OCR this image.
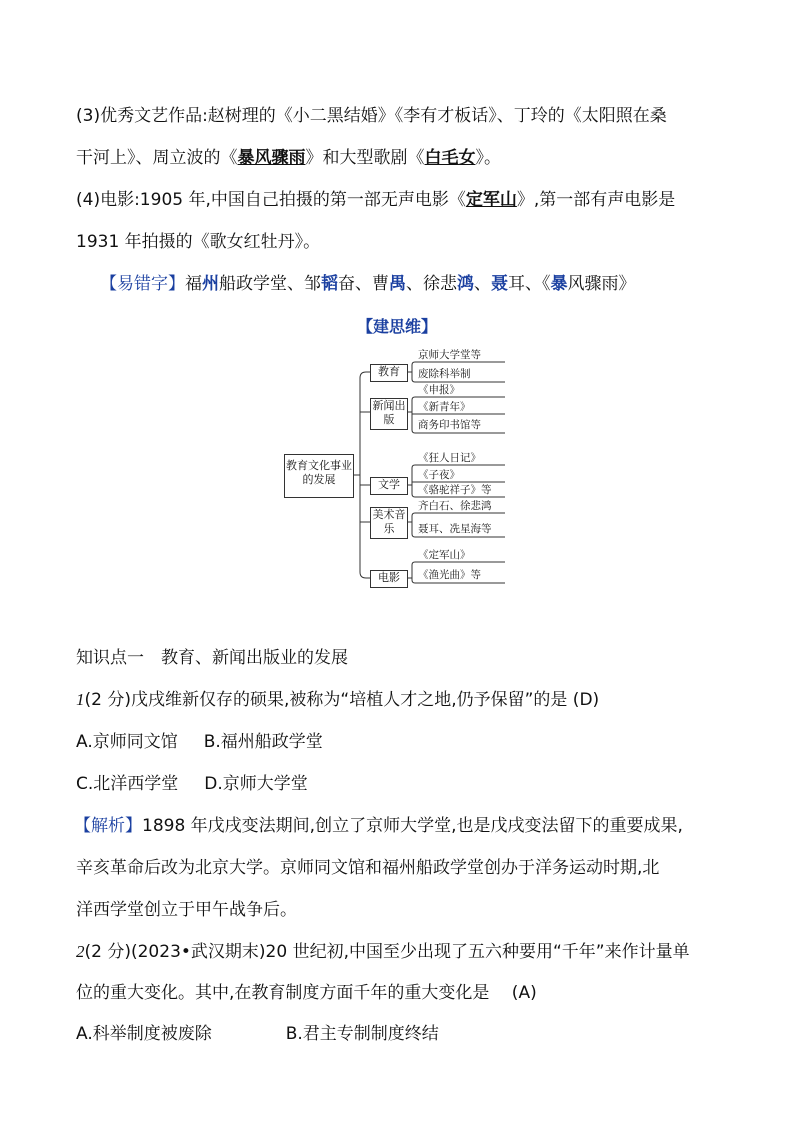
(3)优秀文艺作品:赵树理的《小二黑结婚》《李有才板话》、丁玲的《太阳照在桑
干河上》、周立波的《暴风骤雨》和大型歌剧《白毛女》。
(4)电影:1905 年,中国自己拍摄的第一部无声电影《定军山》,第一部有声电影是
1931 年拍摄的《歌女红牡丹》。
【易错字】福州船政学堂、邹韬奋、曹禺、徐悲鸿、聂耳、《暴风骤雨》
【建思维】
教育文化事业的发展
教育
新闻出版
文学
美术音乐
电影
京师大学堂等
废除科举制
《申报》
《新青年》
商务印书馆等
《狂人日记》
《子夜》
《骆驼祥子》等
齐白石、徐悲鸿
聂耳、冼星海等
《定军山》
《渔光曲》等
知识点一　教育、新闻出版业的发展
1(2 分)戊戌维新仅存的硕果,被称为“培植人才之地,仍予保留”的是 (D)
A.京师同文馆 B.福州船政学堂
C.北洋西学堂 D.京师大学堂
【解析】1898 年戊戌变法期间,创立了京师大学堂,也是戊戌变法留下的重要成果,
辛亥革命后改为北京大学。京师同文馆和福州船政学堂创办于洋务运动时期,北
洋西学堂创立于甲午战争后。
2(2 分)(2023•武汉期末)20 世纪初,中国至少出现了五六种要用“千年”来作计量单
位的重大变化。其中,在教育制度方面千年的重大变化是　 (A)
A.科举制度被废除	B.君主专制制度终结
